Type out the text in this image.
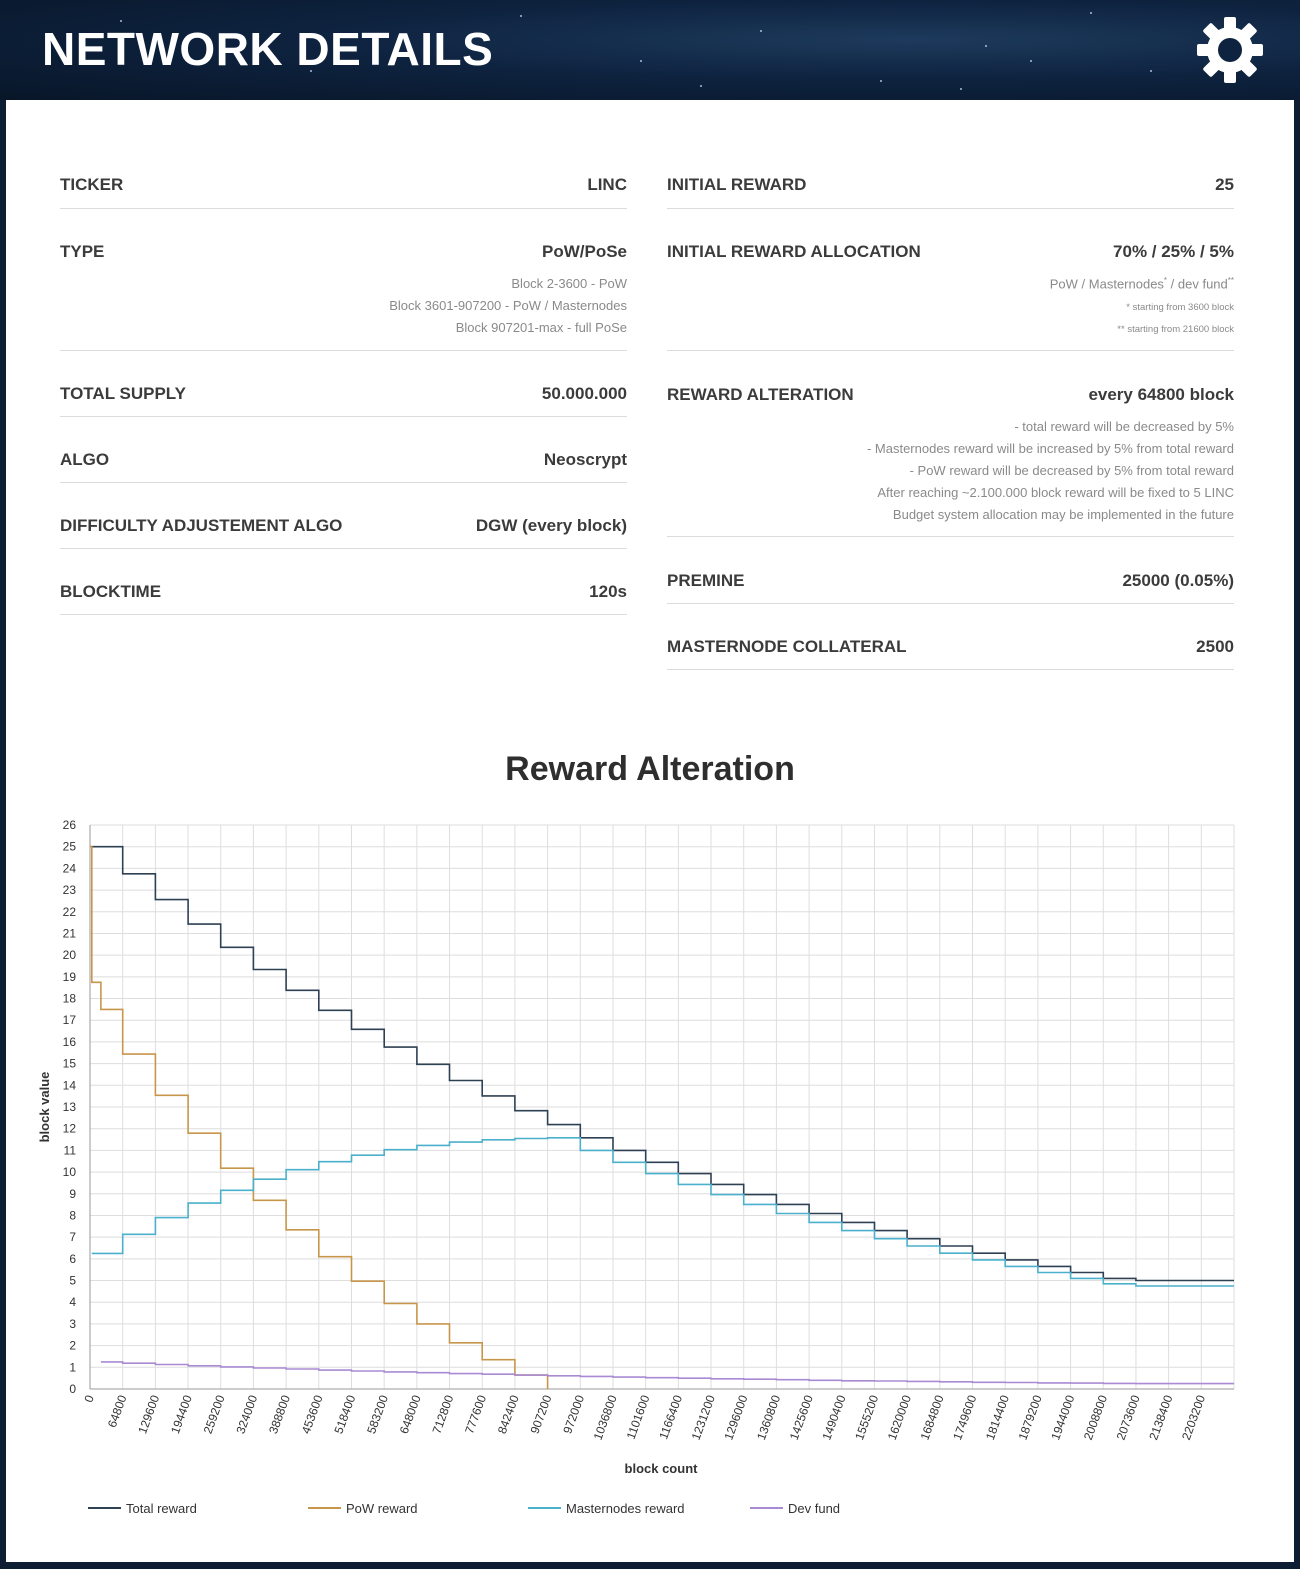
NETWORK DETAILS
TICKER	LINC
TYPE	PoW/PoSe
Block 2-3600 - PoW
Block 3601-907200 - PoW / Masternodes
Block 907201-max - full PoSe
TOTAL SUPPLY	50.000.000
ALGO	Neoscrypt
DIFFICULTY ADJUSTEMENT ALGO	DGW (every block)
BLOCKTIME	120s
INITIAL REWARD	25
INITIAL REWARD ALLOCATION	70% / 25% / 5%
PoW / Masternodes* / dev fund**
* starting from 3600 block
** starting from 21600 block
REWARD ALTERATION	every 64800 block
- total reward will be decreased by 5%
- Masternodes reward will be increased by 5% from total reward
- PoW reward will be decreased by 5% from total reward
After reaching ~2.100.000 block reward will be fixed to 5 LINC
Budget system allocation may be implemented in the future
PREMINE	25000 (0.05%)
MASTERNODE COLLATERAL	2500
Reward Alteration
0
1
2
3
4
5
6
7
8
9
10
11
12
13
14
15
16
17
18
19
20
21
22
23
24
25
26
0 64800 129600 194400 259200 324000 388800 453600 518400 583200 648000 712800 777600 842400 907200 972000 1036800 1101600 1166400 1231200 1296000 1360800 1425600 1490400 1555200 1620000 1684800 1749600 1814400 1879200 1944000 2008800 2073600 2138400 2203200
block value
block count
Total reward	PoW reward	Masternodes reward	Dev fund
